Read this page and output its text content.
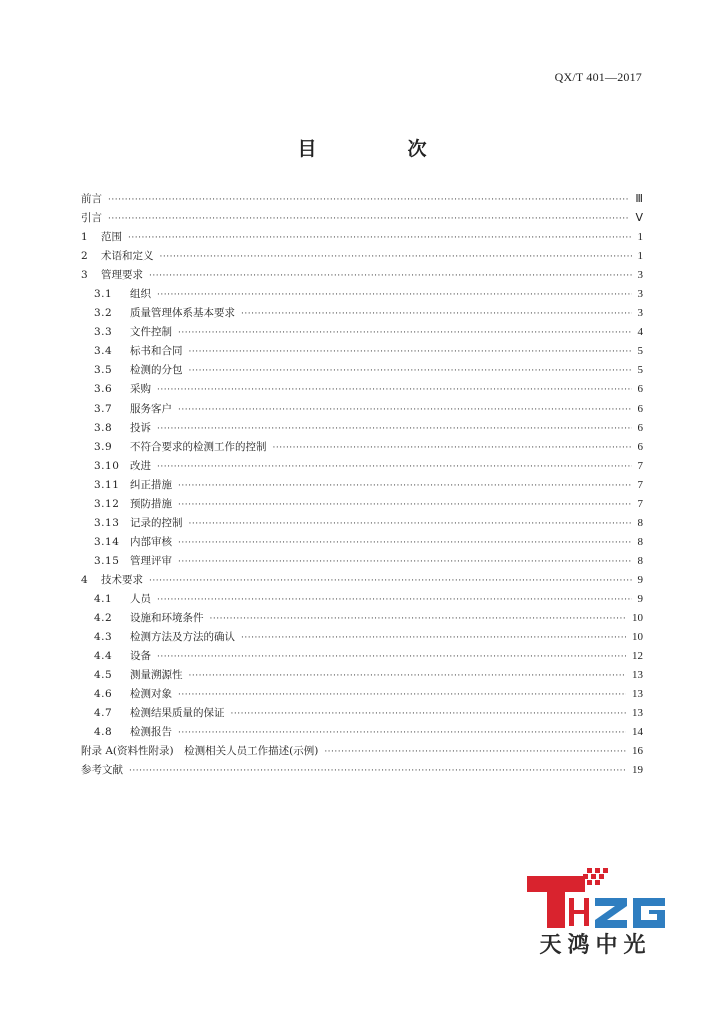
QX/T 401—2017
目　次
前言 ·····	Ⅲ
引言 ·····	Ⅴ
1	范围 ·····	1
2	术语和定义 ·····	1
3	管理要求 ·····	3
3.1	组织 ·····	3
3.2	质量管理体系基本要求 ·····	3
3.3	文件控制 ·····	4
3.4	标书和合同 ·····	5
3.5	检测的分包 ·····	5
3.6	采购 ·····	6
3.7	服务客户 ·····	6
3.8	投诉 ·····	6
3.9	不符合要求的检测工作的控制 ·····	6
3.10 改进 ·····	7
3.11 纠正措施 ·····	7
3.12 预防措施 ·····	7
3.13 记录的控制 ·····	8
3.14 内部审核 ·····	8
3.15 管理评审 ·····	8
4	技术要求 ·····	9
4.1	人员 ·····	9
4.2	设施和环境条件 ·····	10
4.3	检测方法及方法的确认 ·····	10
4.4	设备 ·····	12
4.5	测量溯源性 ·····	13
4.6	检测对象 ·····	13
4.7	检测结果质量的保证 ·····	13
4.8	检测报告 ·····	14
附录 A(资料性附录)　检测相关人员工作描述(示例) ·····	16
参考文献 ·····	19
天鸿中光
